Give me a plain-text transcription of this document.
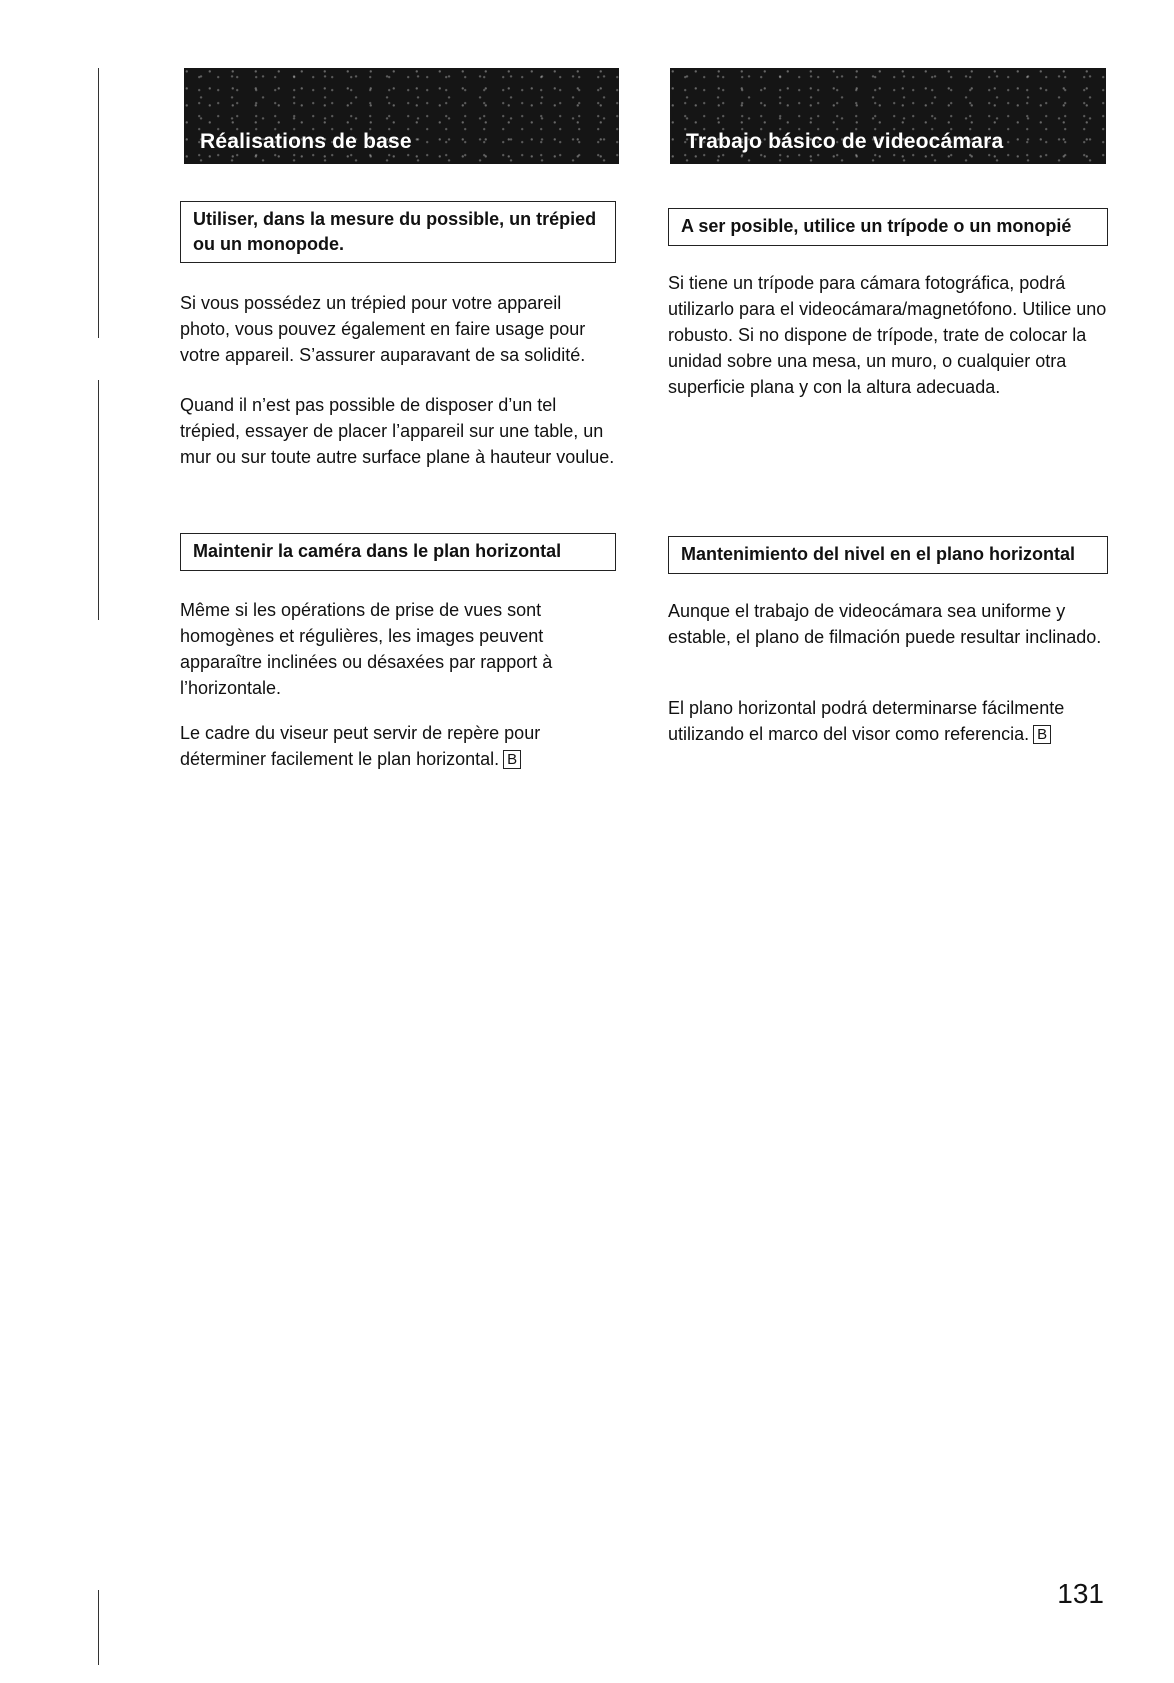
Réalisations de base
Utiliser, dans la mesure du possible, un trépied ou un monopode.

Si vous possédez un trépied pour votre appareil photo, vous pouvez également en faire usage pour votre appareil. S’assurer auparavant de sa solidité.

Quand il n’est pas possible de disposer d’un tel trépied, essayer de placer l’appareil sur une table, un mur ou sur toute autre surface plane à hauteur voulue.

Maintenir la caméra dans le plan horizontal

Même si les opérations de prise de vues sont homogènes et régulières, les images peuvent apparaître inclinées ou désaxées par rapport à l’horizontale.

Le cadre du viseur peut servir de repère pour déterminer facilement le plan horizontal. B

Trabajo básico de videocámara
A ser posible, utilice un trípode o un monopié

Si tiene un trípode para cámara fotográfica, podrá utilizarlo para el videocámara/magnetófono. Utilice uno robusto. Si no dispone de trípode, trate de colocar la unidad sobre una mesa, un muro, o cualquier otra superficie plana y con la altura adecuada.

Mantenimiento del nivel en el plano horizontal

Aunque el trabajo de videocámara sea uniforme y estable, el plano de filmación puede resultar inclinado.

El plano horizontal podrá determinarse fácilmente utilizando el marco del visor como referencia. B

131
